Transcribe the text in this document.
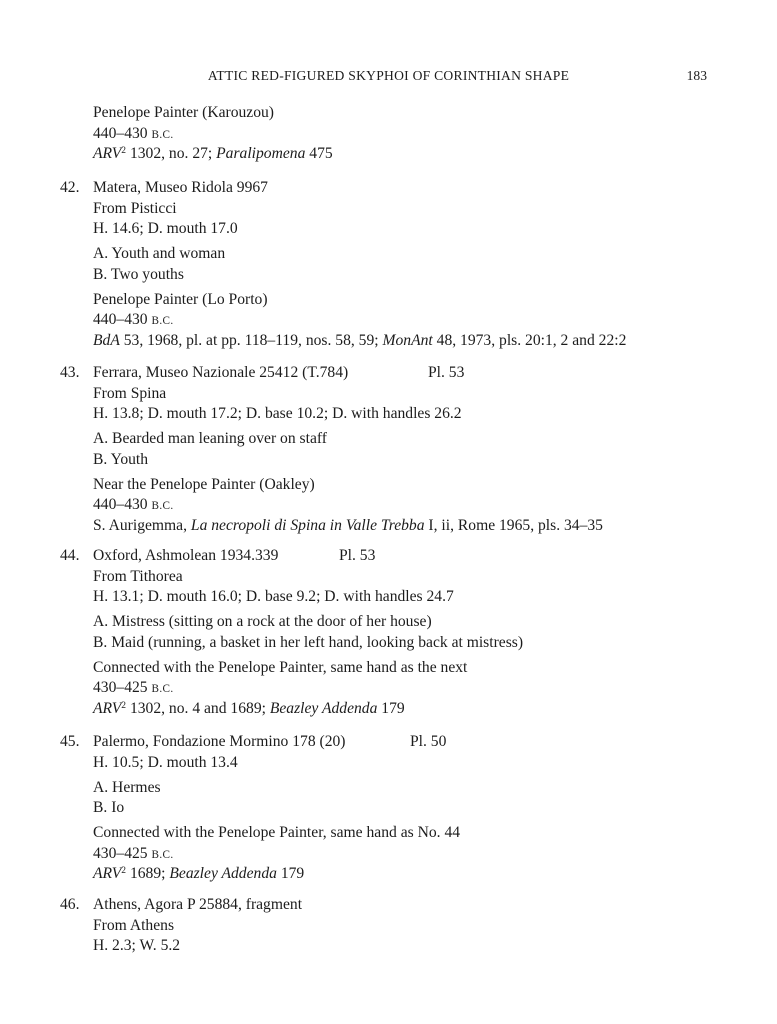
ATTIC RED-FIGURED SKYPHOI OF CORINTHIAN SHAPE	183
Penelope Painter (Karouzou)
440–430 B.C.
ARV$^2$ 1302, no. 27; Paralipomena 475
42. Matera, Museo Ridola 9967
From Pisticci
H. 14.6; D. mouth 17.0
A. Youth and woman
B. Two youths
Penelope Painter (Lo Porto)
440–430 B.C.
BdA 53, 1968, pl. at pp. 118–119, nos. 58, 59; MonAnt 48, 1973, pls. 20:1, 2 and 22:2
43. Ferrara, Museo Nazionale 25412 (T.784)	Pl. 53
From Spina
H. 13.8; D. mouth 17.2; D. base 10.2; D. with handles 26.2
A. Bearded man leaning over on staff
B. Youth
Near the Penelope Painter (Oakley)
440–430 B.C.
S. Aurigemma, La necropoli di Spina in Valle Trebba I, ii, Rome 1965, pls. 34–35
44. Oxford, Ashmolean 1934.339	Pl. 53
From Tithorea
H. 13.1; D. mouth 16.0; D. base 9.2; D. with handles 24.7
A. Mistress (sitting on a rock at the door of her house)
B. Maid (running, a basket in her left hand, looking back at mistress)
Connected with the Penelope Painter, same hand as the next
430–425 B.C.
ARV$^2$ 1302, no. 4 and 1689; Beazley Addenda 179
45. Palermo, Fondazione Mormino 178 (20)	Pl. 50
H. 10.5; D. mouth 13.4
A. Hermes
B. Io
Connected with the Penelope Painter, same hand as No. 44
430–425 B.C.
ARV$^2$ 1689; Beazley Addenda 179
46. Athens, Agora P 25884, fragment
From Athens
H. 2.3; W. 5.2
